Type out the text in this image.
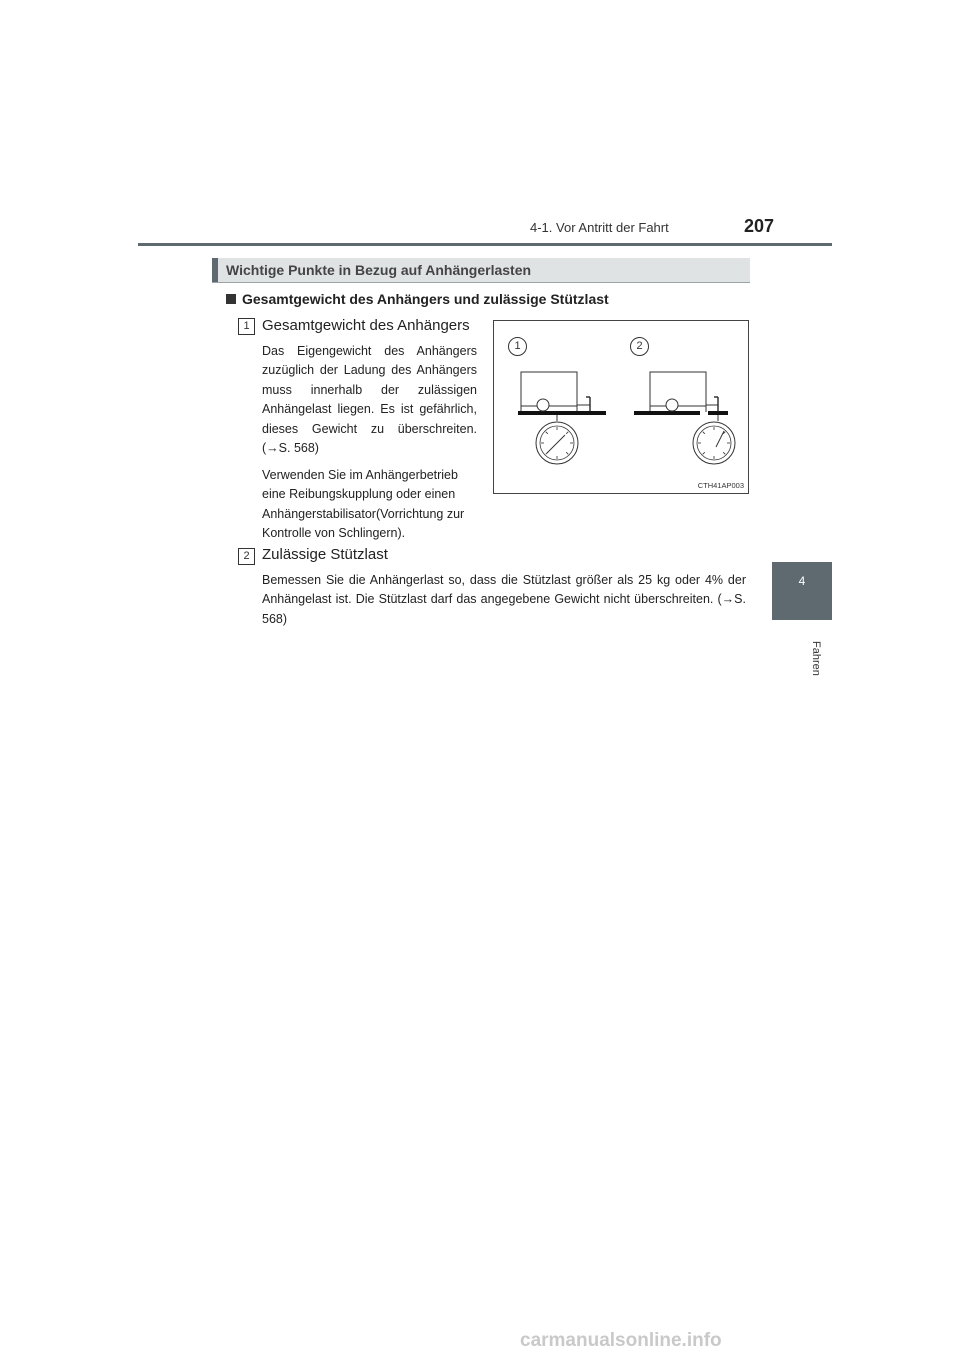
4-1. Vor Antritt der Fahrt	207
4
Fahren
Wichtige Punkte in Bezug auf Anhängerlasten
Gesamtgewicht des Anhängers und zulässige Stützlast
1 Gesamtgewicht des Anhängers
Das Eigengewicht des Anhängers zuzüglich der Ladung des Anhängers muss innerhalb der zulässigen Anhängelast liegen. Es ist gefährlich, dieses Gewicht zu überschreiten. (→S. 568)
Verwenden Sie im Anhängerbetrieb eine Reibungskupplung oder einen Anhängerstabilisator(Vorrichtung zur Kontrolle von Schlingern).
1	2
CTH41AP003
2 Zulässige Stützlast
Bemessen Sie die Anhängerlast so, dass die Stützlast größer als 25 kg oder 4% der Anhängelast ist. Die Stützlast darf das angegebene Gewicht nicht überschreiten. (→S. 568)
carmanualsonline.info
